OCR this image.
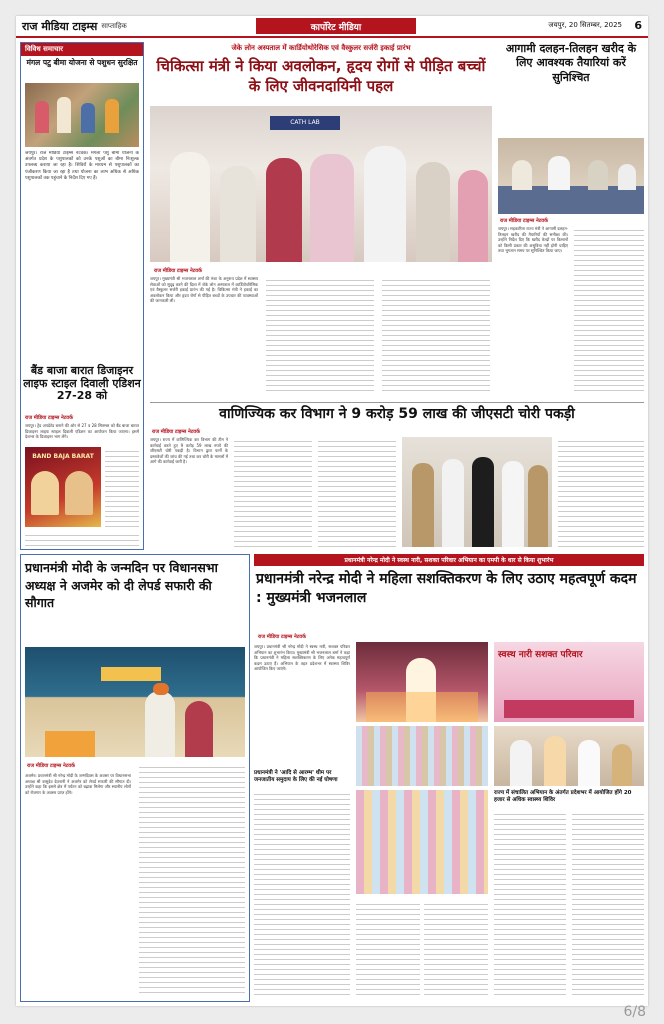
राज मीडिया टाइम्स साप्ताहिक	कार्पोरेट मीडिया	जयपुर, 20 सितम्बर, 2025 6
विविध समाचार
मंगल पटु बीमा योजना से पशुधन सुरक्षित
जयपुर। राज मीडिया टाइम्स नेटवर्क। मंगला पशु बीमा योजना के अंतर्गत प्रदेश के पशुपालकों को उनके पशुओं का बीमा निःशुल्क उपलब्ध कराया जा रहा है। शिविरों के माध्यम से पशुपालकों का पंजीकरण किया जा रहा है तथा योजना का लाभ अधिक से अधिक पशुपालकों तक पहुंचाने के निर्देश दिए गए हैं।
बैंड बाजा बारात डिजाइनर लाइफ स्टाइल दिवाली एडिशन 27-28 को
राज मीडिया टाइम्स नेटवर्क
जयपुर। ट्रेंड अपडेटेड बनाने की ओर से 27 व 28 सितम्बर को बैंड बाजा बारात डिजाइनर लाइफ स्टाइल दिवाली एडिशन का आयोजन किया जाएगा। इसमें देशभर के डिजाइनर भाग लेंगे।
BAND BAJA BARAT
जेके लोन अस्पताल में कार्डियोथोरेसिक एवं वैस्कुलर सर्जरी इकाई प्रारंभ
चिकित्सा मंत्री ने किया अवलोकन, हृदय रोगों से पीड़ित बच्चों के लिए जीवनदायिनी पहल
CATH LAB
राज मीडिया टाइम्स नेटवर्क
जयपुर। मुख्यमंत्री श्री भजनलाल शर्मा की मंशा के अनुरूप प्रदेश में स्वास्थ्य सेवाओं को सुदृढ़ करने की दिशा में जेके लोन अस्पताल में कार्डियोथोरेसिक एवं वैस्कुलर सर्जरी इकाई प्रारंभ की गई है। चिकित्सा मंत्री ने इकाई का अवलोकन किया और हृदय रोगों से पीड़ित बच्चों के उपचार की व्यवस्थाओं की जानकारी ली।
आगामी दलहन-तिलहन खरीद के लिए आवश्यक तैयारियां करें सुनिश्चित
राज मीडिया टाइम्स नेटवर्क
जयपुर। सहकारिता राज्य मंत्री ने आगामी दलहन-तिलहन खरीद की तैयारियों की समीक्षा की। उन्होंने निर्देश दिए कि खरीद केन्द्रों पर किसानों को किसी प्रकार की असुविधा नहीं होनी चाहिए तथा भुगतान समय पर सुनिश्चित किया जाए।
वाणिज्यिक कर विभाग ने 9 करोड़ 59 लाख की जीएसटी चोरी पकड़ी
राज मीडिया टाइम्स नेटवर्क
जयपुर। राज्य में वाणिज्यिक कर विभाग की टीम ने कार्रवाई करते हुए 9 करोड़ 59 लाख रुपये की जीएसटी चोरी पकड़ी है। विभाग द्वारा फर्मों के दस्तावेजों की जांच की गई तथा कर चोरी के मामलों में आगे की कार्रवाई जारी है।
प्रधानमंत्री मोदी के जन्मदिन पर विधानसभा अध्यक्ष ने अजमेर को दी लेपर्ड सफारी की सौगात
राज मीडिया टाइम्स नेटवर्क
अजमेर। प्रधानमंत्री श्री नरेन्द्र मोदी के जन्मदिवस के अवसर पर विधानसभा अध्यक्ष श्री वासुदेव देवनानी ने अजमेर को लेपर्ड सफारी की सौगात दी। उन्होंने कहा कि इससे क्षेत्र में पर्यटन को बढ़ावा मिलेगा और स्थानीय लोगों को रोजगार के अवसर प्राप्त होंगे।
प्रधानमंत्री नरेन्द्र मोदी ने स्वस्थ नारी, सशक्त परिवार अभियान का एमपी के धार से किया शुभारंभ
प्रधानमंत्री नरेन्द्र मोदी ने महिला सशक्तिकरण के लिए उठाए महत्वपूर्ण कदम : मुख्यमंत्री भजनलाल
राज मीडिया टाइम्स नेटवर्क
जयपुर। प्रधानमंत्री श्री नरेन्द्र मोदी ने स्वस्थ नारी, सशक्त परिवार अभियान का शुभारंभ किया। मुख्यमंत्री श्री भजनलाल शर्मा ने कहा कि प्रधानमंत्री ने महिला सशक्तिकरण के लिए अनेक महत्वपूर्ण कदम उठाए हैं। अभियान के तहत प्रदेशभर में स्वास्थ्य शिविर आयोजित किए जाएंगे।
स्वस्थ नारी सशक्त परिवार
प्रधानमंत्री ने 'आदि से आरम्भ' थीम पर जनजातीय समुदाय के लिए की नई घोषणा
राज्य में संचालित अभियान के अंतर्गत प्रदेशभर में आयोजित होंगे 20 हजार से अधिक स्वास्थ्य शिविर
6/8
